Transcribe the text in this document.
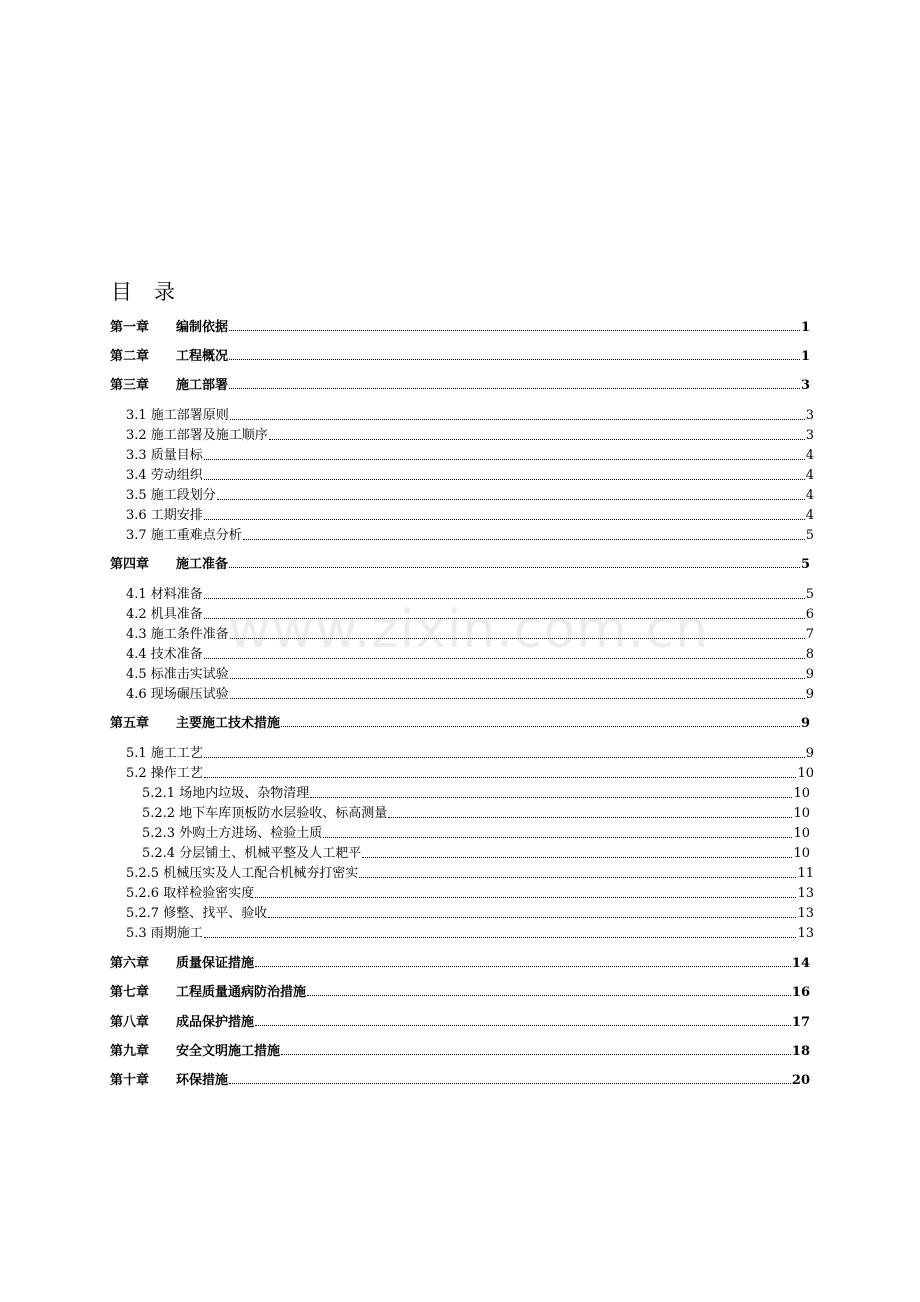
目录
www.zixin.com.cn
第一章 编制依据	1
第二章 工程概况	1
第三章 施工部署	3
3.1 施工部署原则	3
3.2 施工部署及施工顺序	3
3.3 质量目标	4
3.4 劳动组织	4
3.5 施工段划分	4
3.6 工期安排	4
3.7 施工重难点分析	5
第四章 施工准备	5
4.1 材料准备	5
4.2 机具准备	6
4.3 施工条件准备	7
4.4 技术准备	8
4.5 标准击实试验	9
4.6 现场碾压试验	9
第五章 主要施工技术措施	9
5.1 施工工艺	9
5.2 操作工艺	10
5.2.1 场地内垃圾、杂物清理	10
5.2.2 地下车库顶板防水层验收、标高测量	10
5.2.3 外购土方进场、检验土质	10
5.2.4 分层铺土、机械平整及人工耙平	10
5.2.5 机械压实及人工配合机械夯打密实	11
5.2.6 取样检验密实度	13
5.2.7 修整、找平、验收	13
5.3 雨期施工	13
第六章 质量保证措施	14
第七章 工程质量通病防治措施	16
第八章 成品保护措施	17
第九章 安全文明施工措施	18
第十章 环保措施	20
